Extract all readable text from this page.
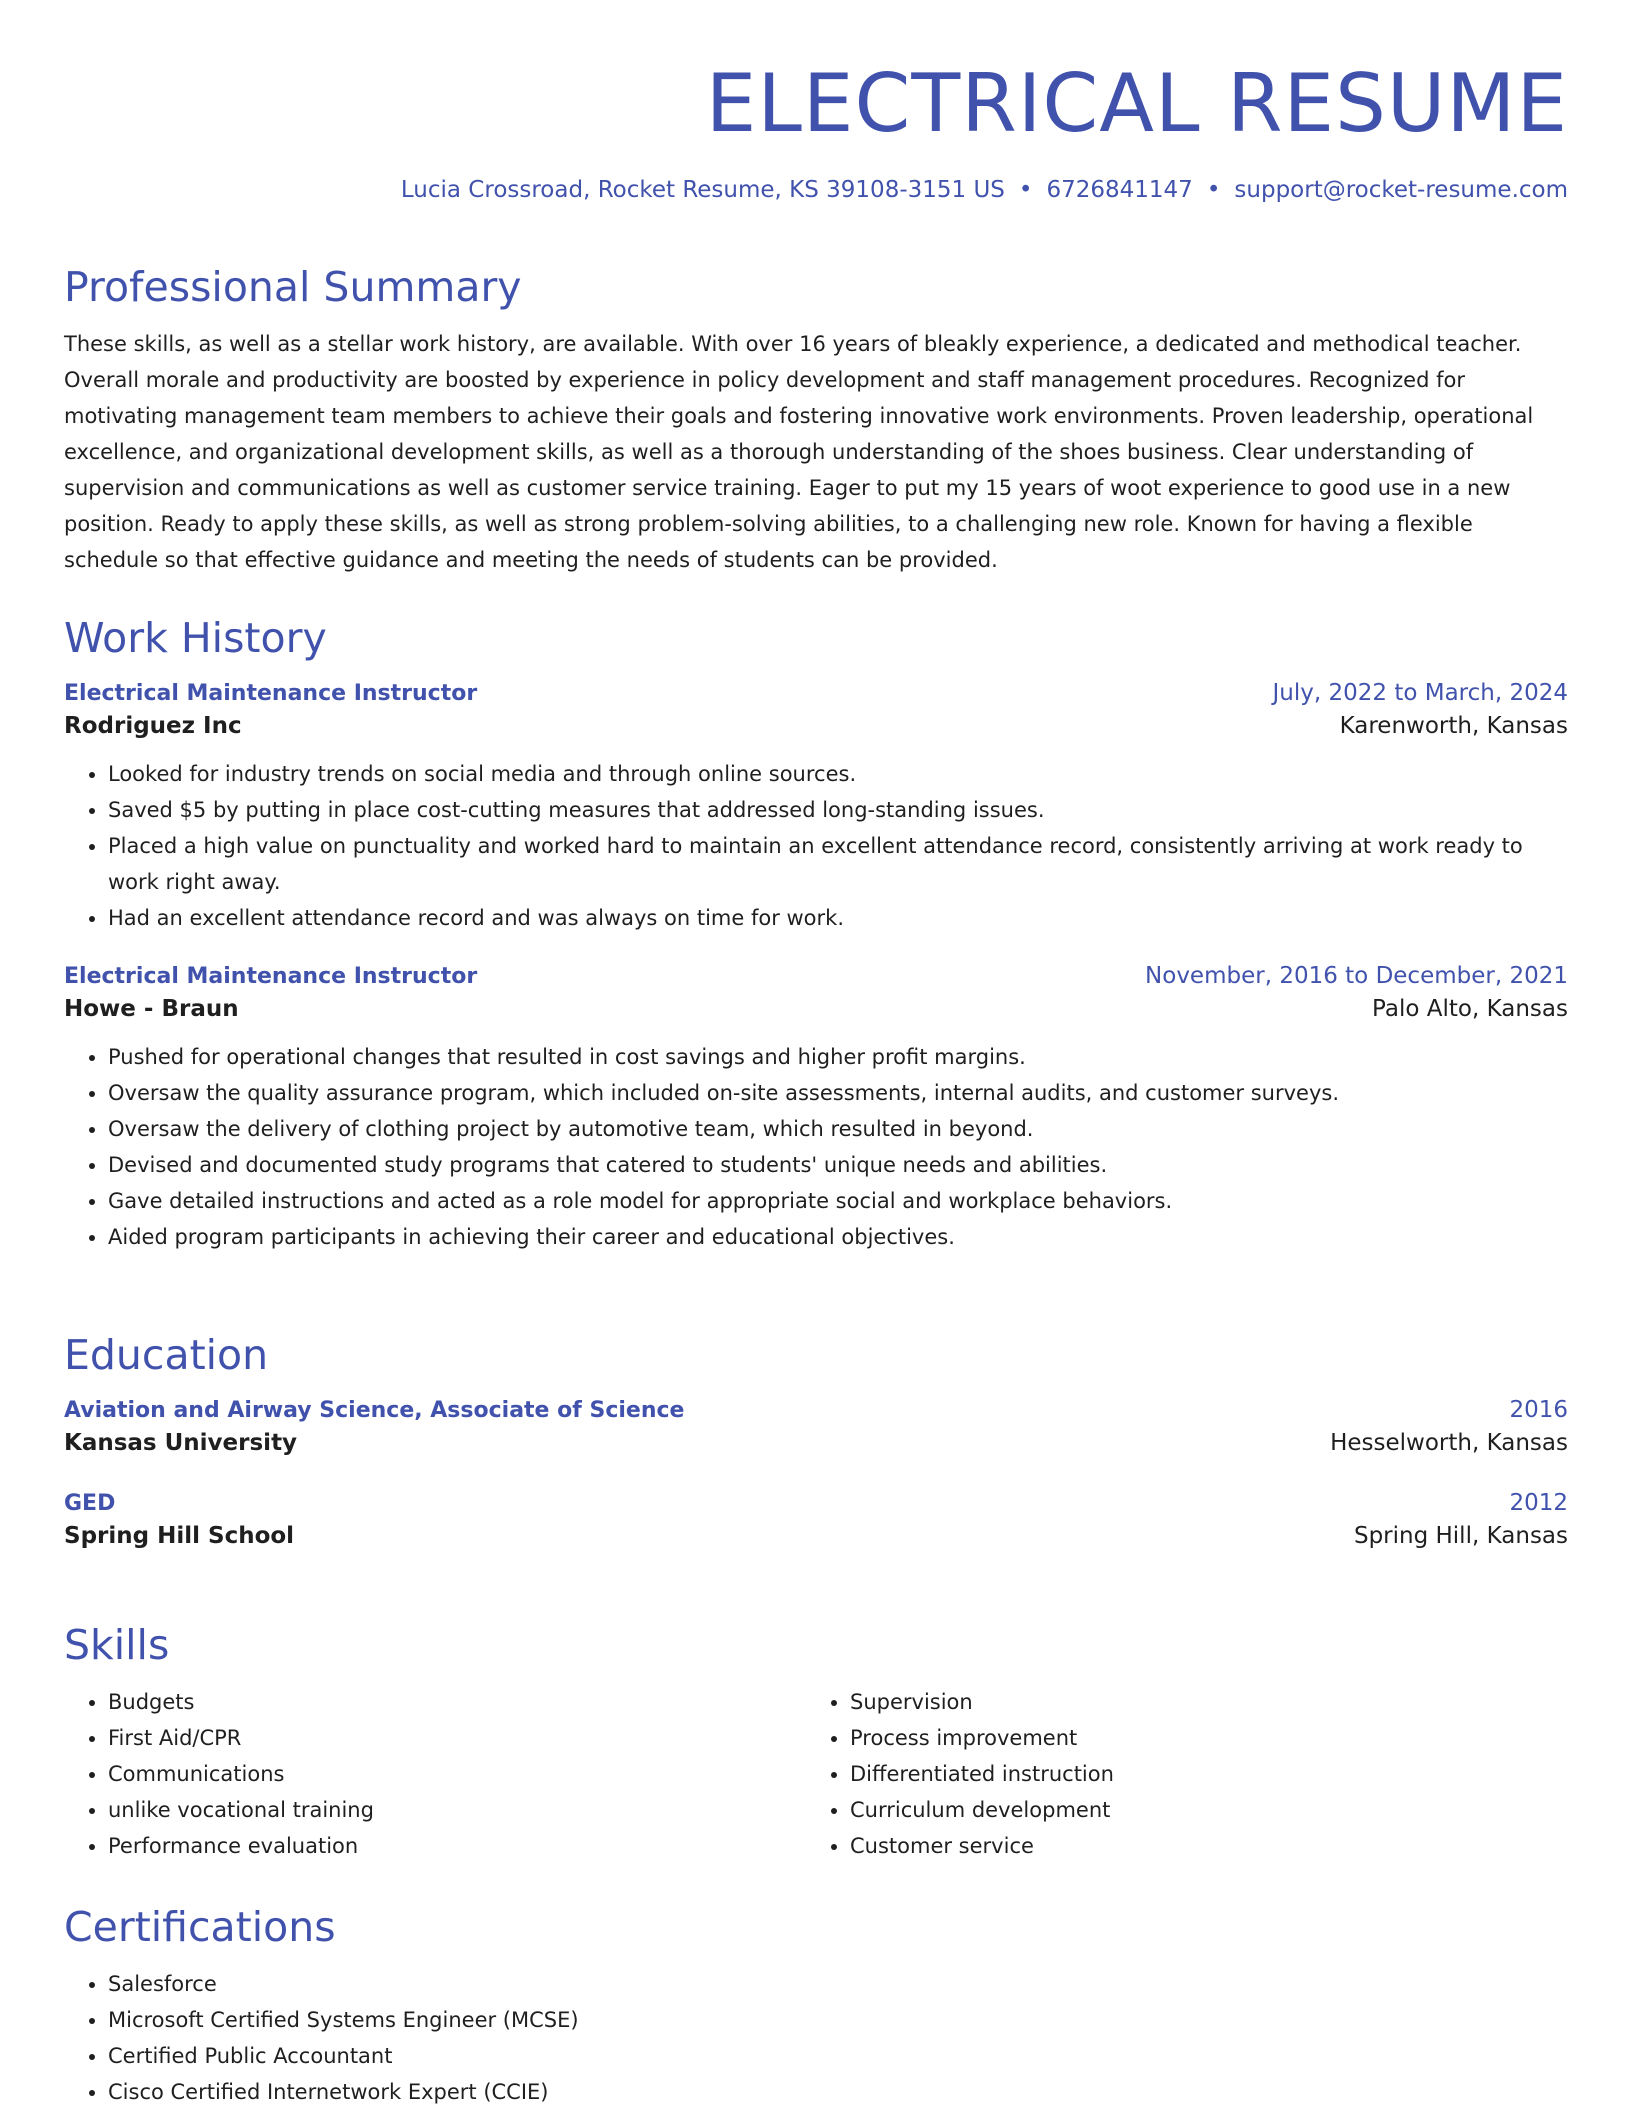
ELECTRICAL RESUME
Lucia Crossroad, Rocket Resume, KS 39108-3151 US • 6726841147 • support@rocket-resume.com
Professional Summary

These skills, as well as a stellar work history, are available. With over 16 years of bleakly experience, a dedicated and methodical teacher. Overall morale and productivity are boosted by experience in policy development and staff management procedures. Recognized for motivating management team members to achieve their goals and fostering innovative work environments. Proven leadership, operational excellence, and organizational development skills, as well as a thorough understanding of the shoes business. Clear understanding of supervision and communications as well as customer service training. Eager to put my 15 years of woot experience to good use in a new position. Ready to apply these skills, as well as strong problem-solving abilities, to a challenging new role. Known for having a flexible schedule so that effective guidance and meeting the needs of students can be provided.

Work History
Electrical Maintenance Instructor	July, 2022 to March, 2024
Rodriguez Inc	Karenworth, Kansas
• Looked for industry trends on social media and through online sources.
• Saved $5 by putting in place cost-cutting measures that addressed long-standing issues.
• Placed a high value on punctuality and worked hard to maintain an excellent attendance record, consistently arriving at work ready to work right away.
• Had an excellent attendance record and was always on time for work.
Electrical Maintenance Instructor	November, 2016 to December, 2021
Howe - Braun	Palo Alto, Kansas
• Pushed for operational changes that resulted in cost savings and higher profit margins.
• Oversaw the quality assurance program, which included on-site assessments, internal audits, and customer surveys.
• Oversaw the delivery of clothing project by automotive team, which resulted in beyond.
• Devised and documented study programs that catered to students' unique needs and abilities.
• Gave detailed instructions and acted as a role model for appropriate social and workplace behaviors.
• Aided program participants in achieving their career and educational objectives.
Education
Aviation and Airway Science, Associate of Science	2016
Kansas University	Hesselworth, Kansas
GED	2012
Spring Hill School	Spring Hill, Kansas
Skills
• Budgets
• First Aid/CPR
• Communications
• unlike vocational training
• Performance evaluation
• Supervision
• Process improvement
• Differentiated instruction
• Curriculum development
• Customer service
Certifications
• Salesforce
• Microsoft Certified Systems Engineer (MCSE)
• Certified Public Accountant
• Cisco Certified Internetwork Expert (CCIE)
